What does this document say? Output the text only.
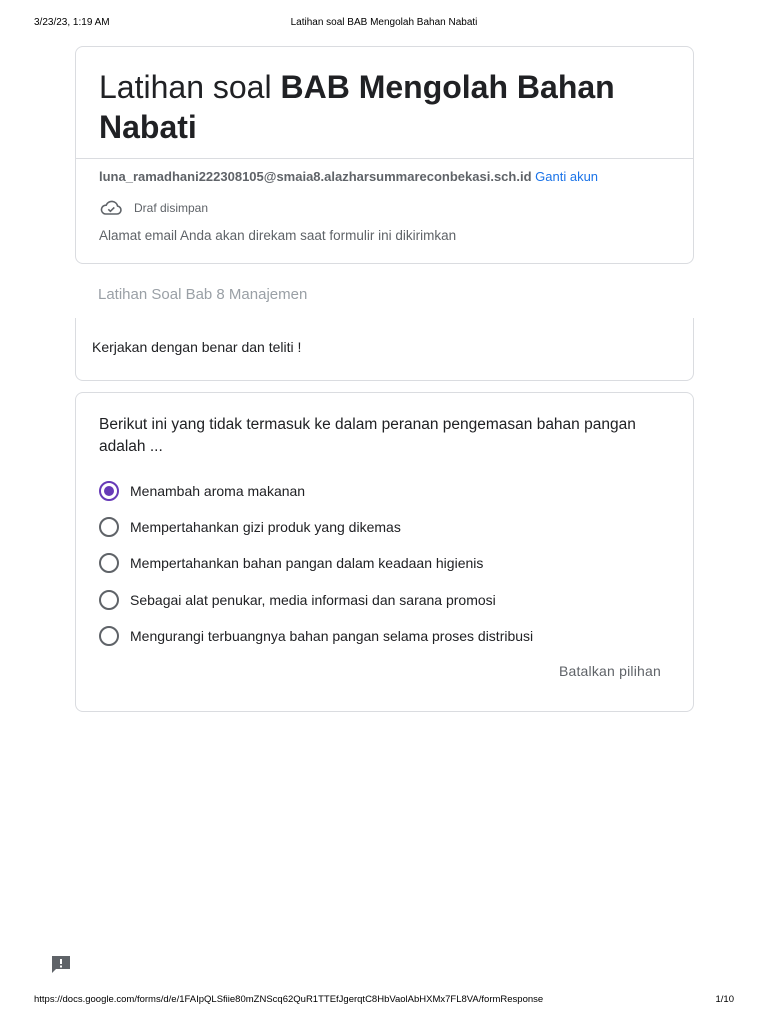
3/23/23, 1:19 AM	Latihan soal BAB Mengolah Bahan Nabati
Latihan soal BAB Mengolah Bahan Nabati
luna_ramadhani222308105@smaia8.alazharsummareconbekasi.sch.id Ganti akun
Draf disimpan
Alamat email Anda akan direkam saat formulir ini dikirimkan
Latihan Soal Bab 8 Manajemen
Kerjakan dengan benar dan teliti !
Berikut ini yang tidak termasuk ke dalam peranan pengemasan bahan pangan adalah ...
Menambah aroma makanan
Mempertahankan gizi produk yang dikemas
Mempertahankan bahan pangan dalam keadaan higienis
Sebagai alat penukar, media informasi dan sarana promosi
Mengurangi terbuangnya bahan pangan selama proses distribusi
Batalkan pilihan
https://docs.google.com/forms/d/e/1FAIpQLSfiie80mZNScq62QuR1TTEfJgerqtC8HbVaolAbHXMx7FL8VA/formResponse	1/10
